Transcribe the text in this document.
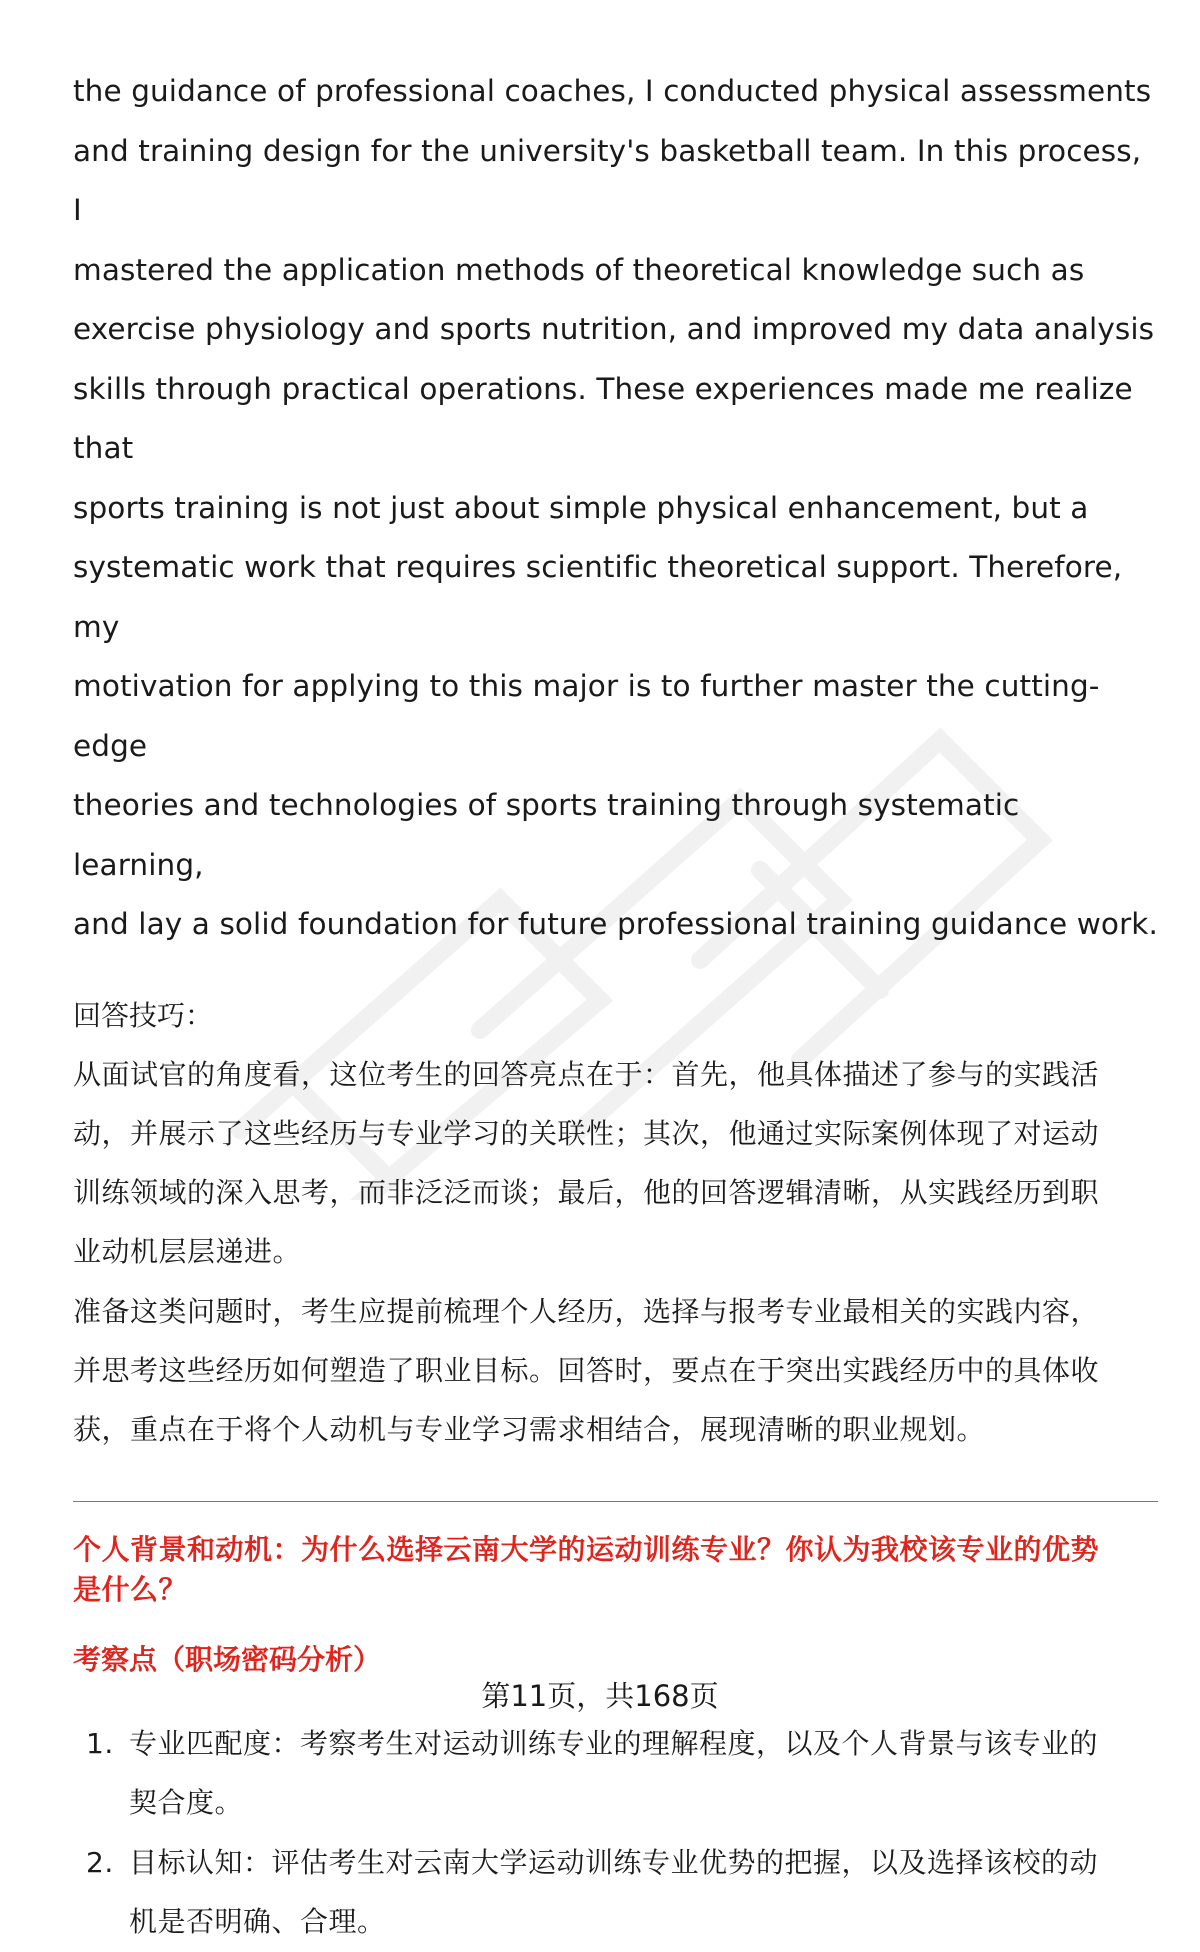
the guidance of professional coaches, I conducted physical assessments
and training design for the university's basketball team. In this process, I
mastered the application methods of theoretical knowledge such as
exercise physiology and sports nutrition, and improved my data analysis
skills through practical operations. These experiences made me realize that
sports training is not just about simple physical enhancement, but a
systematic work that requires scientific theoretical support. Therefore, my
motivation for applying to this major is to further master the cutting-edge
theories and technologies of sports training through systematic learning,
and lay a solid foundation for future professional training guidance work.
回答技巧：
从面试官的角度看，这位考生的回答亮点在于：首先，他具体描述了参与的实践活
动，并展示了这些经历与专业学习的关联性；其次，他通过实际案例体现了对运动
训练领域的深入思考，而非泛泛而谈；最后，他的回答逻辑清晰，从实践经历到职
业动机层层递进。
准备这类问题时，考生应提前梳理个人经历，选择与报考专业最相关的实践内容，
并思考这些经历如何塑造了职业目标。回答时，要点在于突出实践经历中的具体收
获，重点在于将个人动机与专业学习需求相结合，展现清晰的职业规划。
个人背景和动机：为什么选择云南大学的运动训练专业？你认为我校该专业的优势
是什么？
考察点（职场密码分析）
1. 专业匹配度：考察考生对运动训练专业的理解程度，以及个人背景与该专业的
契合度。
2. 目标认知：评估考生对云南大学运动训练专业优势的把握，以及选择该校的动
机是否明确、合理。
第11页，共168页
